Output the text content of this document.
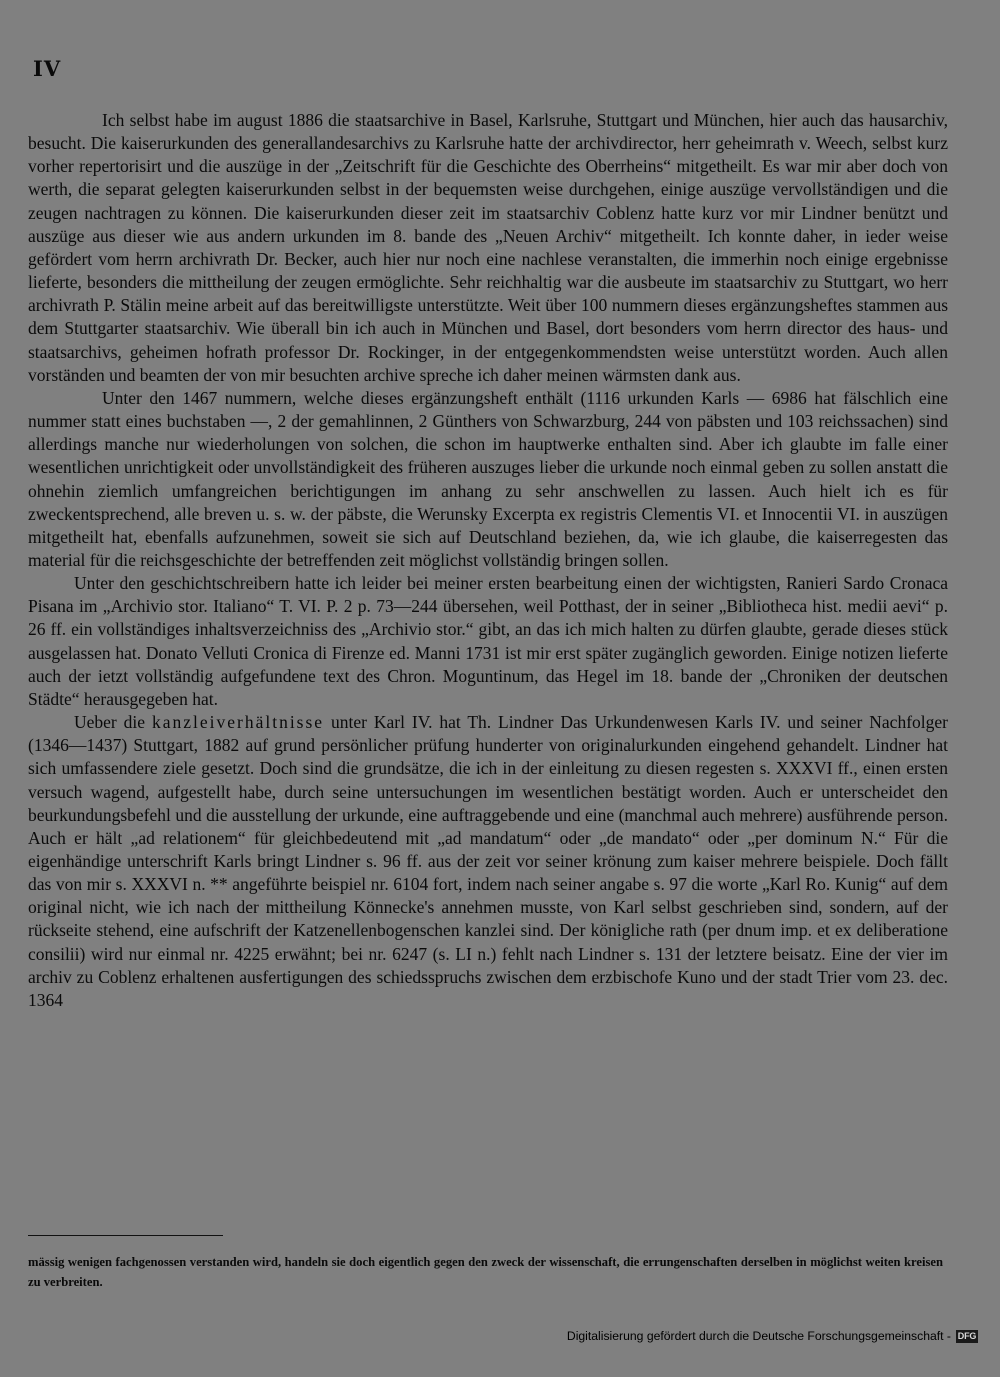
IV

Ich selbst habe im august 1886 die staatsarchive in Basel, Karlsruhe, Stuttgart und München, hier auch das hausarchiv, besucht. Die kaiserurkunden des generallandesarchivs zu Karlsruhe hatte der archivdirector, herr geheimrath v. Weech, selbst kurz vorher repertorisirt und die auszüge in der „Zeitschrift für die Geschichte des Oberrheins“ mitgetheilt. Es war mir aber doch von werth, die separat gelegten kaiserurkunden selbst in der bequemsten weise durchgehen, einige auszüge vervollständigen und die zeugen nachtragen zu können. Die kaiserurkunden dieser zeit im staatsarchiv Coblenz hatte kurz vor mir Lindner benützt und auszüge aus dieser wie aus andern urkunden im 8. bande des „Neuen Archiv“ mitgetheilt. Ich konnte daher, in ieder weise gefördert vom herrn archivrath Dr. Becker, auch hier nur noch eine nachlese veranstalten, die immerhin noch einige ergebnisse lieferte, besonders die mittheilung der zeugen ermöglichte. Sehr reichhaltig war die ausbeute im staatsarchiv zu Stuttgart, wo herr archivrath P. Stälin meine arbeit auf das bereitwilligste unterstützte. Weit über 100 nummern dieses ergänzungsheftes stammen aus dem Stuttgarter staatsarchiv. Wie überall bin ich auch in München und Basel, dort besonders vom herrn director des haus- und staatsarchivs, geheimen hofrath professor Dr. Rockinger, in der entgegenkommendsten weise unterstützt worden. Auch allen vorständen und beamten der von mir besuchten archive spreche ich daher meinen wärmsten dank aus.

Unter den 1467 nummern, welche dieses ergänzungsheft enthält (1116 urkunden Karls — 6986 hat fälschlich eine nummer statt eines buchstaben —, 2 der gemahlinnen, 2 Günthers von Schwarzburg, 244 von päbsten und 103 reichssachen) sind allerdings manche nur wiederholungen von solchen, die schon im hauptwerke enthalten sind. Aber ich glaubte im falle einer wesentlichen unrichtigkeit oder unvollständigkeit des früheren auszuges lieber die urkunde noch einmal geben zu sollen anstatt die ohnehin ziemlich umfangreichen berichtigungen im anhang zu sehr anschwellen zu lassen. Auch hielt ich es für zweckentsprechend, alle breven u. s. w. der päbste, die Werunsky Excerpta ex registris Clementis VI. et Innocentii VI. in auszügen mitgetheilt hat, ebenfalls aufzunehmen, soweit sie sich auf Deutschland beziehen, da, wie ich glaube, die kaiserregesten das material für die reichsgeschichte der betreffenden zeit möglichst vollständig bringen sollen.

Unter den geschichtschreibern hatte ich leider bei meiner ersten bearbeitung einen der wichtigsten, Ranieri Sardo Cronaca Pisana im „Archivio stor. Italiano“ T. VI. P. 2 p. 73—244 übersehen, weil Potthast, der in seiner „Bibliotheca hist. medii aevi“ p. 26 ff. ein vollständiges inhaltsverzeichniss des „Archivio stor.“ gibt, an das ich mich halten zu dürfen glaubte, gerade dieses stück ausgelassen hat. Donato Velluti Cronica di Firenze ed. Manni 1731 ist mir erst später zugänglich geworden. Einige notizen lieferte auch der ietzt vollständig aufgefundene text des Chron. Moguntinum, das Hegel im 18. bande der „Chroniken der deutschen Städte“ herausgegeben hat.

Ueber die kanzleiverhältnisse unter Karl IV. hat Th. Lindner Das Urkundenwesen Karls IV. und seiner Nachfolger (1346—1437) Stuttgart, 1882 auf grund persönlicher prüfung hunderter von originalurkunden eingehend gehandelt. Lindner hat sich umfassendere ziele gesetzt. Doch sind die grundsätze, die ich in der einleitung zu diesen regesten s. XXXVI ff., einen ersten versuch wagend, aufgestellt habe, durch seine untersuchungen im wesentlichen bestätigt worden. Auch er unterscheidet den beurkundungsbefehl und die ausstellung der urkunde, eine auftraggebende und eine (manchmal auch mehrere) ausführende person. Auch er hält „ad relationem“ für gleichbedeutend mit „ad mandatum“ oder „de mandato“ oder „per dominum N.“ Für die eigenhändige unterschrift Karls bringt Lindner s. 96 ff. aus der zeit vor seiner krönung zum kaiser mehrere beispiele. Doch fällt das von mir s. XXXVI n. ** angeführte beispiel nr. 6104 fort, indem nach seiner angabe s. 97 die worte „Karl Ro. Kunig“ auf dem original nicht, wie ich nach der mittheilung Könnecke's annehmen musste, von Karl selbst geschrieben sind, sondern, auf der rückseite stehend, eine aufschrift der Katzenellenbogenschen kanzlei sind. Der königliche rath (per dnum imp. et ex deliberatione consilii) wird nur einmal nr. 4225 erwähnt; bei nr. 6247 (s. LI n.) fehlt nach Lindner s. 131 der letztere beisatz. Eine der vier im archiv zu Coblenz erhaltenen ausfertigungen des schiedsspruchs zwischen dem erzbischofe Kuno und der stadt Trier vom 23. dec. 1364

mässig wenigen fachgenossen verstanden wird, handeln sie doch eigentlich gegen den zweck der wissenschaft, die errungenschaften derselben in möglichst weiten kreisen zu verbreiten.
Digitalisierung gefördert durch die Deutsche Forschungsgemeinschaft - DFG
